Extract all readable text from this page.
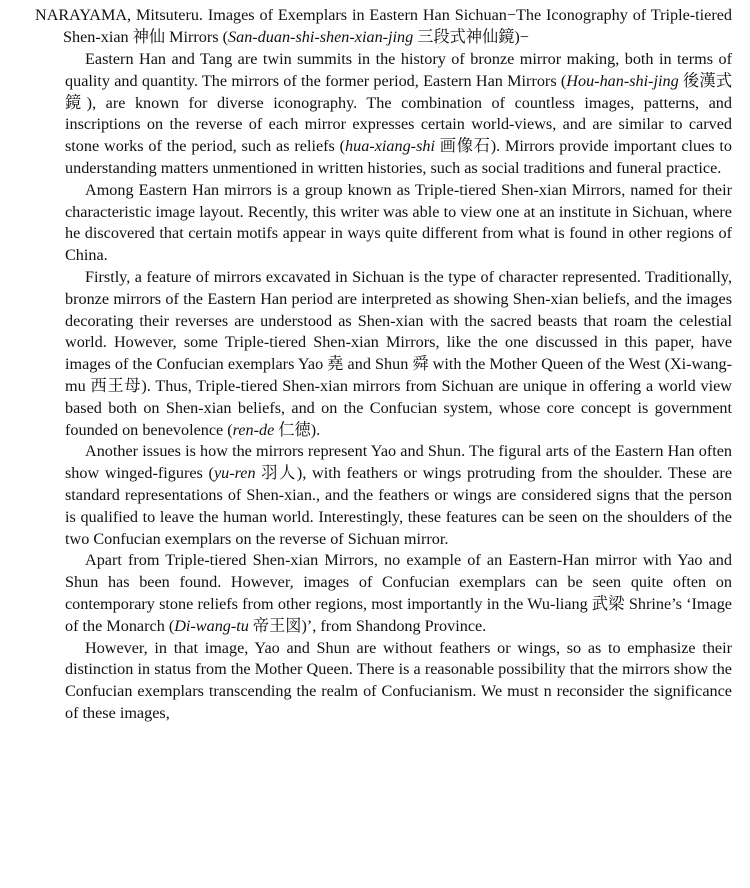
NARAYAMA, Mitsuteru. Images of Exemplars in Eastern Han Sichuan−The Iconography of Triple-tiered Shen-xian 神仙 Mirrors (San-duan-shi-shen-xian-jing 三段式神仙鏡)−

Eastern Han and Tang are twin summits in the history of bronze mirror making, both in terms of quality and quantity. The mirrors of the former period, Eastern Han Mirrors (Hou-han-shi-jing 後漢式鏡), are known for diverse iconography. The combination of countless images, patterns, and inscriptions on the reverse of each mirror expresses certain world-views, and are similar to carved stone works of the period, such as reliefs (hua-xiang-shi 画像石). Mirrors provide important clues to understanding matters unmentioned in written histories, such as social traditions and funeral practice.

Among Eastern Han mirrors is a group known as Triple-tiered Shen-xian Mirrors, named for their characteristic image layout. Recently, this writer was able to view one at an institute in Sichuan, where he discovered that certain motifs appear in ways quite different from what is found in other regions of China.

Firstly, a feature of mirrors excavated in Sichuan is the type of character represented. Traditionally, bronze mirrors of the Eastern Han period are interpreted as showing Shen-xian beliefs, and the images decorating their reverses are understood as Shen-xian with the sacred beasts that roam the celestial world. However, some Triple-tiered Shen-xian Mirrors, like the one discussed in this paper, have images of the Confucian exemplars Yao 堯 and Shun 舜 with the Mother Queen of the West (Xi-wang-mu 西王母). Thus, Triple-tiered Shen-xian mirrors from Sichuan are unique in offering a world view based both on Shen-xian beliefs, and on the Confucian system, whose core concept is government founded on benevolence (ren-de 仁徳).

Another issues is how the mirrors represent Yao and Shun. The figural arts of the Eastern Han often show winged-figures (yu-ren 羽人), with feathers or wings protruding from the shoulder. These are standard representations of Shen-xian., and the feathers or wings are considered signs that the person is qualified to leave the human world. Interestingly, these features can be seen on the shoulders of the two Confucian exemplars on the reverse of Sichuan mirror.

Apart from Triple-tiered Shen-xian Mirrors, no example of an Eastern-Han mirror with Yao and Shun has been found. However, images of Confucian exemplars can be seen quite often on contemporary stone reliefs from other regions, most importantly in the Wu-liang 武梁 Shrine’s ‘Image of the Monarch (Di-wang-tu 帝王図)’, from Shandong Province.

However, in that image, Yao and Shun are without feathers or wings, so as to emphasize their distinction in status from the Mother Queen. There is a reasonable possibility that the mirrors show the Confucian exemplars transcending the realm of Confucianism. We must n reconsider the significance of these images,
